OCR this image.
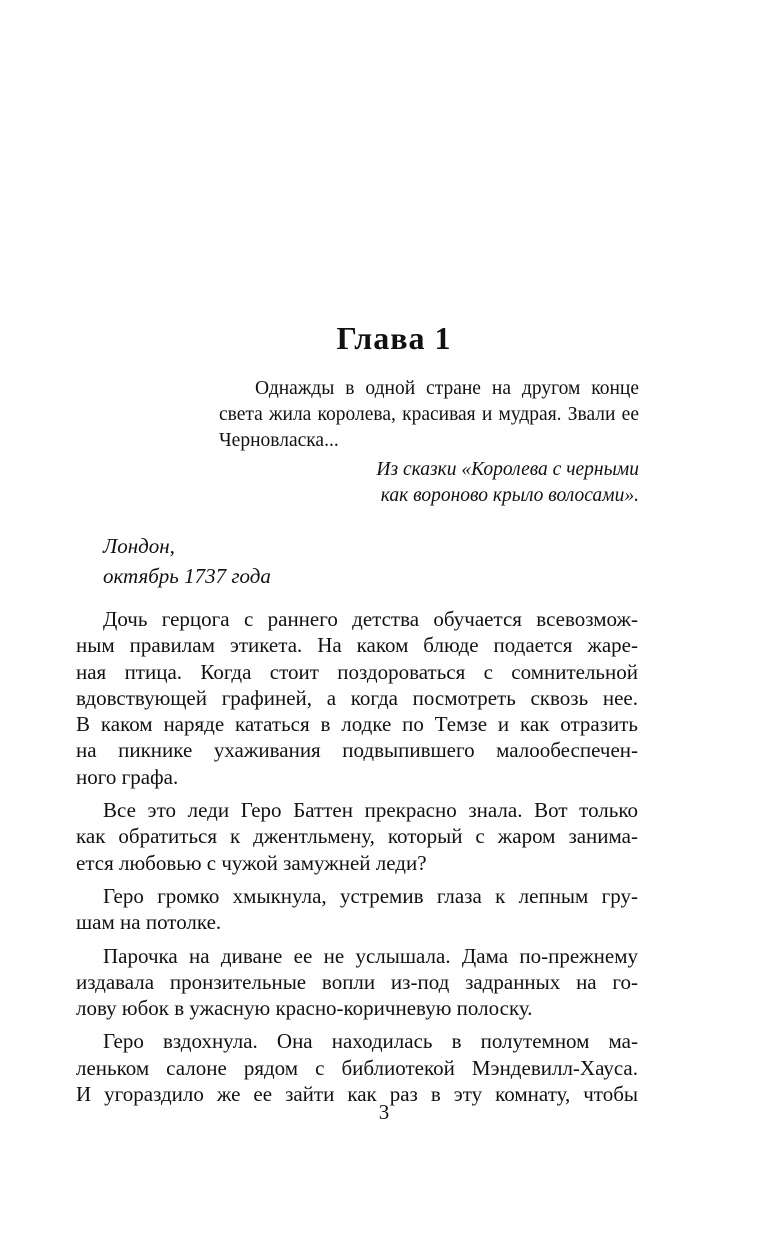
Глава 1

Однажды в одной стране на другом конце света жила королева, красивая и мудрая. Звали ее Черновласка...

Из сказки «Королева с черными
как вороново крыло волосами».

Лондон,
октябрь 1737 года

Дочь герцога с раннего детства обучается всевозмож-
ным правилам этикета. На каком блюде подается жаре-
ная птица. Когда стоит поздороваться с сомнительной
вдовствующей графиней, а когда посмотреть сквозь нее.
В каком наряде кататься в лодке по Темзе и как отразить
на пикнике ухаживания подвыпившего малообеспечен-
ного графа.

Все это леди Геро Баттен прекрасно знала. Вот только
как обратиться к джентльмену, который с жаром занима-
ется любовью с чужой замужней леди?

Геро громко хмыкнула, устремив глаза к лепным гру-
шам на потолке.

Парочка на диване ее не услышала. Дама по-прежнему
издавала пронзительные вопли из-под задранных на го-
лову юбок в ужасную красно-коричневую полоску.

Геро вздохнула. Она находилась в полутемном ма-
леньком салоне рядом с библиотекой Мэндевилл-Хауса.
И угораздило же ее зайти как раз в эту комнату, чтобы

3
